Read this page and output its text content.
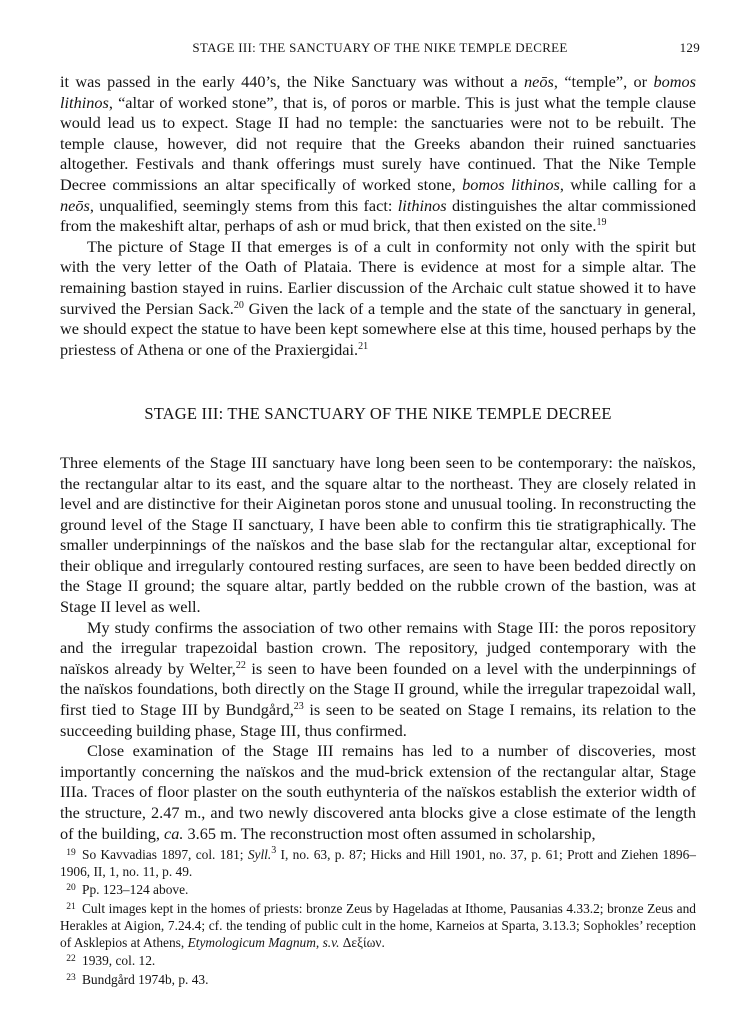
STAGE III: THE SANCTUARY OF THE NIKE TEMPLE DECREE	129

it was passed in the early 440’s, the Nike Sanctuary was without a neōs, “temple”, or bomos lithinos, “altar of worked stone”, that is, of poros or marble. This is just what the temple clause would lead us to expect. Stage II had no temple: the sanctuaries were not to be rebuilt. The temple clause, however, did not require that the Greeks abandon their ruined sanctuaries altogether. Festivals and thank offerings must surely have continued. That the Nike Temple Decree commissions an altar specifically of worked stone, bomos lithinos, while calling for a neōs, unqualified, seemingly stems from this fact: lithinos distinguishes the altar commissioned from the makeshift altar, perhaps of ash or mud brick, that then existed on the site.$^{19}$

The picture of Stage II that emerges is of a cult in conformity not only with the spirit but with the very letter of the Oath of Plataia. There is evidence at most for a simple altar. The remaining bastion stayed in ruins. Earlier discussion of the Archaic cult statue showed it to have survived the Persian Sack.$^{20}$ Given the lack of a temple and the state of the sanctuary in general, we should expect the statue to have been kept somewhere else at this time, housed perhaps by the priestess of Athena or one of the Praxiergidai.$^{21}$

STAGE III: THE SANCTUARY OF THE NIKE TEMPLE DECREE

Three elements of the Stage III sanctuary have long been seen to be contemporary: the naïskos, the rectangular altar to its east, and the square altar to the northeast. They are closely related in level and are distinctive for their Aiginetan poros stone and unusual tooling. In reconstructing the ground level of the Stage II sanctuary, I have been able to confirm this tie stratigraphically. The smaller underpinnings of the naïskos and the base slab for the rectangular altar, exceptional for their oblique and irregularly contoured resting surfaces, are seen to have been bedded directly on the Stage II ground; the square altar, partly bedded on the rubble crown of the bastion, was at Stage II level as well.

My study confirms the association of two other remains with Stage III: the poros repository and the irregular trapezoidal bastion crown. The repository, judged contemporary with the naïskos already by Welter,$^{22}$ is seen to have been founded on a level with the underpinnings of the naïskos foundations, both directly on the Stage II ground, while the irregular trapezoidal wall, first tied to Stage III by Bundgård,$^{23}$ is seen to be seated on Stage I remains, its relation to the succeeding building phase, Stage III, thus confirmed.

Close examination of the Stage III remains has led to a number of discoveries, most importantly concerning the naïskos and the mud-brick extension of the rectangular altar, Stage IIIa. Traces of floor plaster on the south euthynteria of the naïskos establish the exterior width of the structure, 2.47 m., and two newly discovered anta blocks give a close estimate of the length of the building, ca. 3.65 m. The reconstruction most often assumed in scholarship,

19 So Kavvadias 1897, col. 181; Syll.$^3$ I, no. 63, p. 87; Hicks and Hill 1901, no. 37, p. 61; Prott and Ziehen 1896–1906, II, 1, no. 11, p. 49.

20 Pp. 123–124 above.

21 Cult images kept in the homes of priests: bronze Zeus by Hageladas at Ithome, Pausanias 4.33.2; bronze Zeus and Herakles at Aigion, 7.24.4; cf. the tending of public cult in the home, Karneios at Sparta, 3.13.3; Sophokles’ reception of Asklepios at Athens, Etymologicum Magnum, s.v. Δεξίων.

22 1939, col. 12.

23 Bundgård 1974b, p. 43.
